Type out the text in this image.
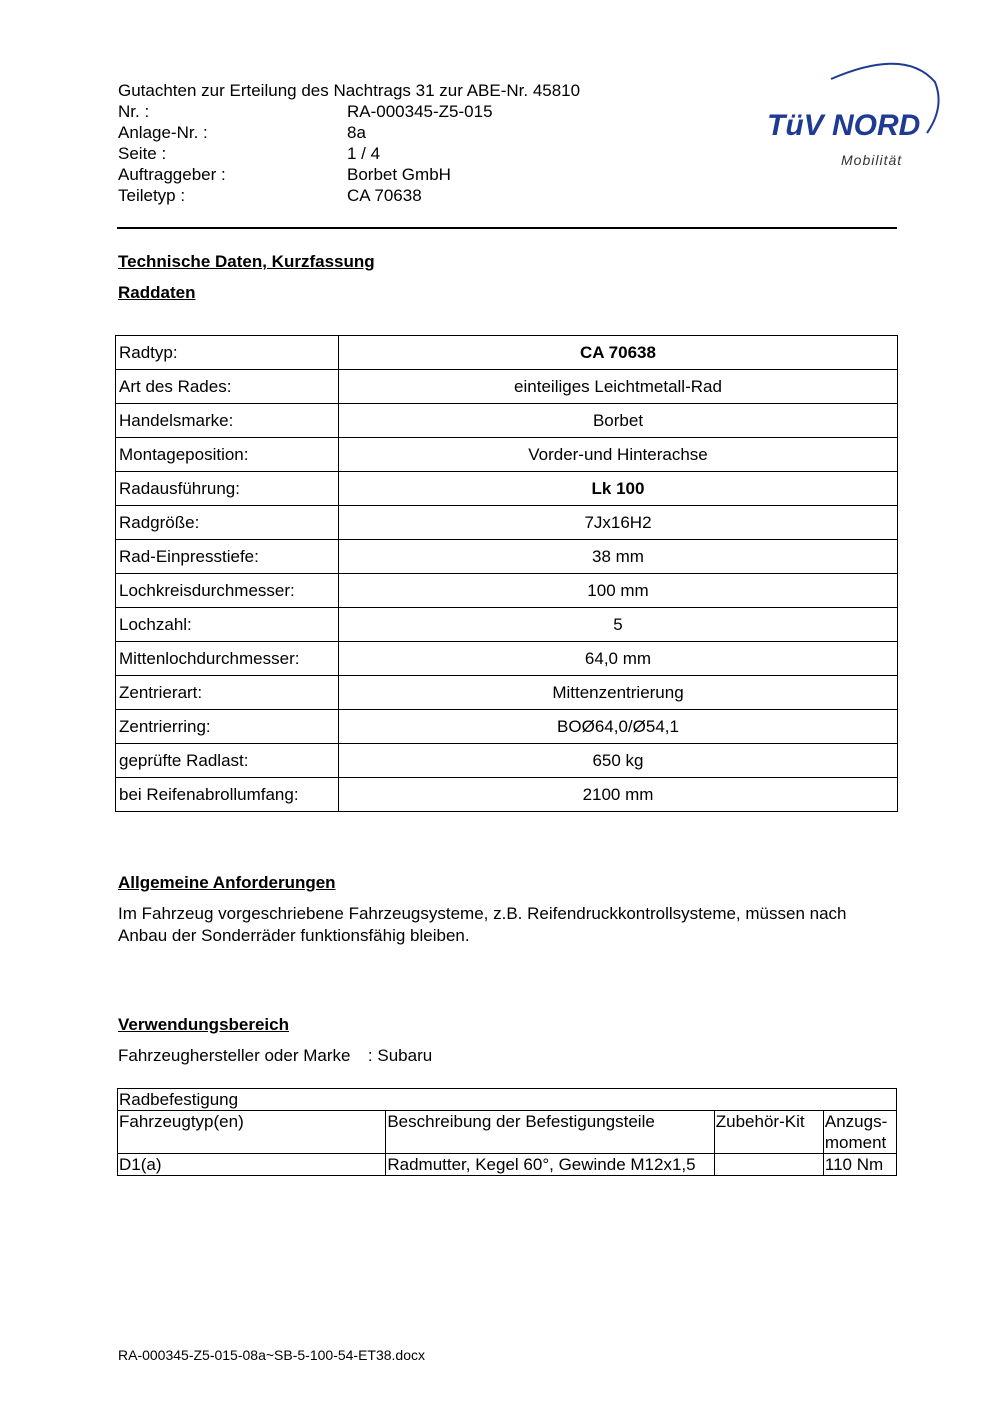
Gutachten zur Erteilung des Nachtrags 31 zur ABE-Nr. 45810
Nr. :	RA-000345-Z5-015
Anlage-Nr. :	8a
Seite :	1 / 4
Auftraggeber :	Borbet GmbH
Teiletyp :	CA 70638
TüV NORD
Mobilität
Technische Daten, Kurzfassung
Raddaten
Radtyp:	CA 70638
Art des Rades:	einteiliges Leichtmetall-Rad
Handelsmarke:	Borbet
Montageposition:	Vorder-und Hinterachse
Radausführung:	Lk 100
Radgröße:	7Jx16H2
Rad-Einpresstiefe:	38 mm
Lochkreisdurchmesser:	100 mm
Lochzahl:	5
Mittenlochdurchmesser:	64,0 mm
Zentrierart:	Mittenzentrierung
Zentrierring:	BOØ64,0/Ø54,1
geprüfte Radlast:	650 kg
bei Reifenabrollumfang:	2100 mm
Allgemeine Anforderungen
Im Fahrzeug vorgeschriebene Fahrzeugsysteme, z.B. Reifendruckkontrollsysteme, müssen nach Anbau der Sonderräder funktionsfähig bleiben.
Verwendungsbereich
Fahrzeughersteller oder Marke : Subaru
Radbefestigung			
Fahrzeugtyp(en)	Beschreibung der Befestigungsteile	Zubehör-Kit	Anzugs-moment
D1(a)	Radmutter, Kegel 60°, Gewinde M12x1,5		110 Nm
RA-000345-Z5-015-08a~SB-5-100-54-ET38.docx
